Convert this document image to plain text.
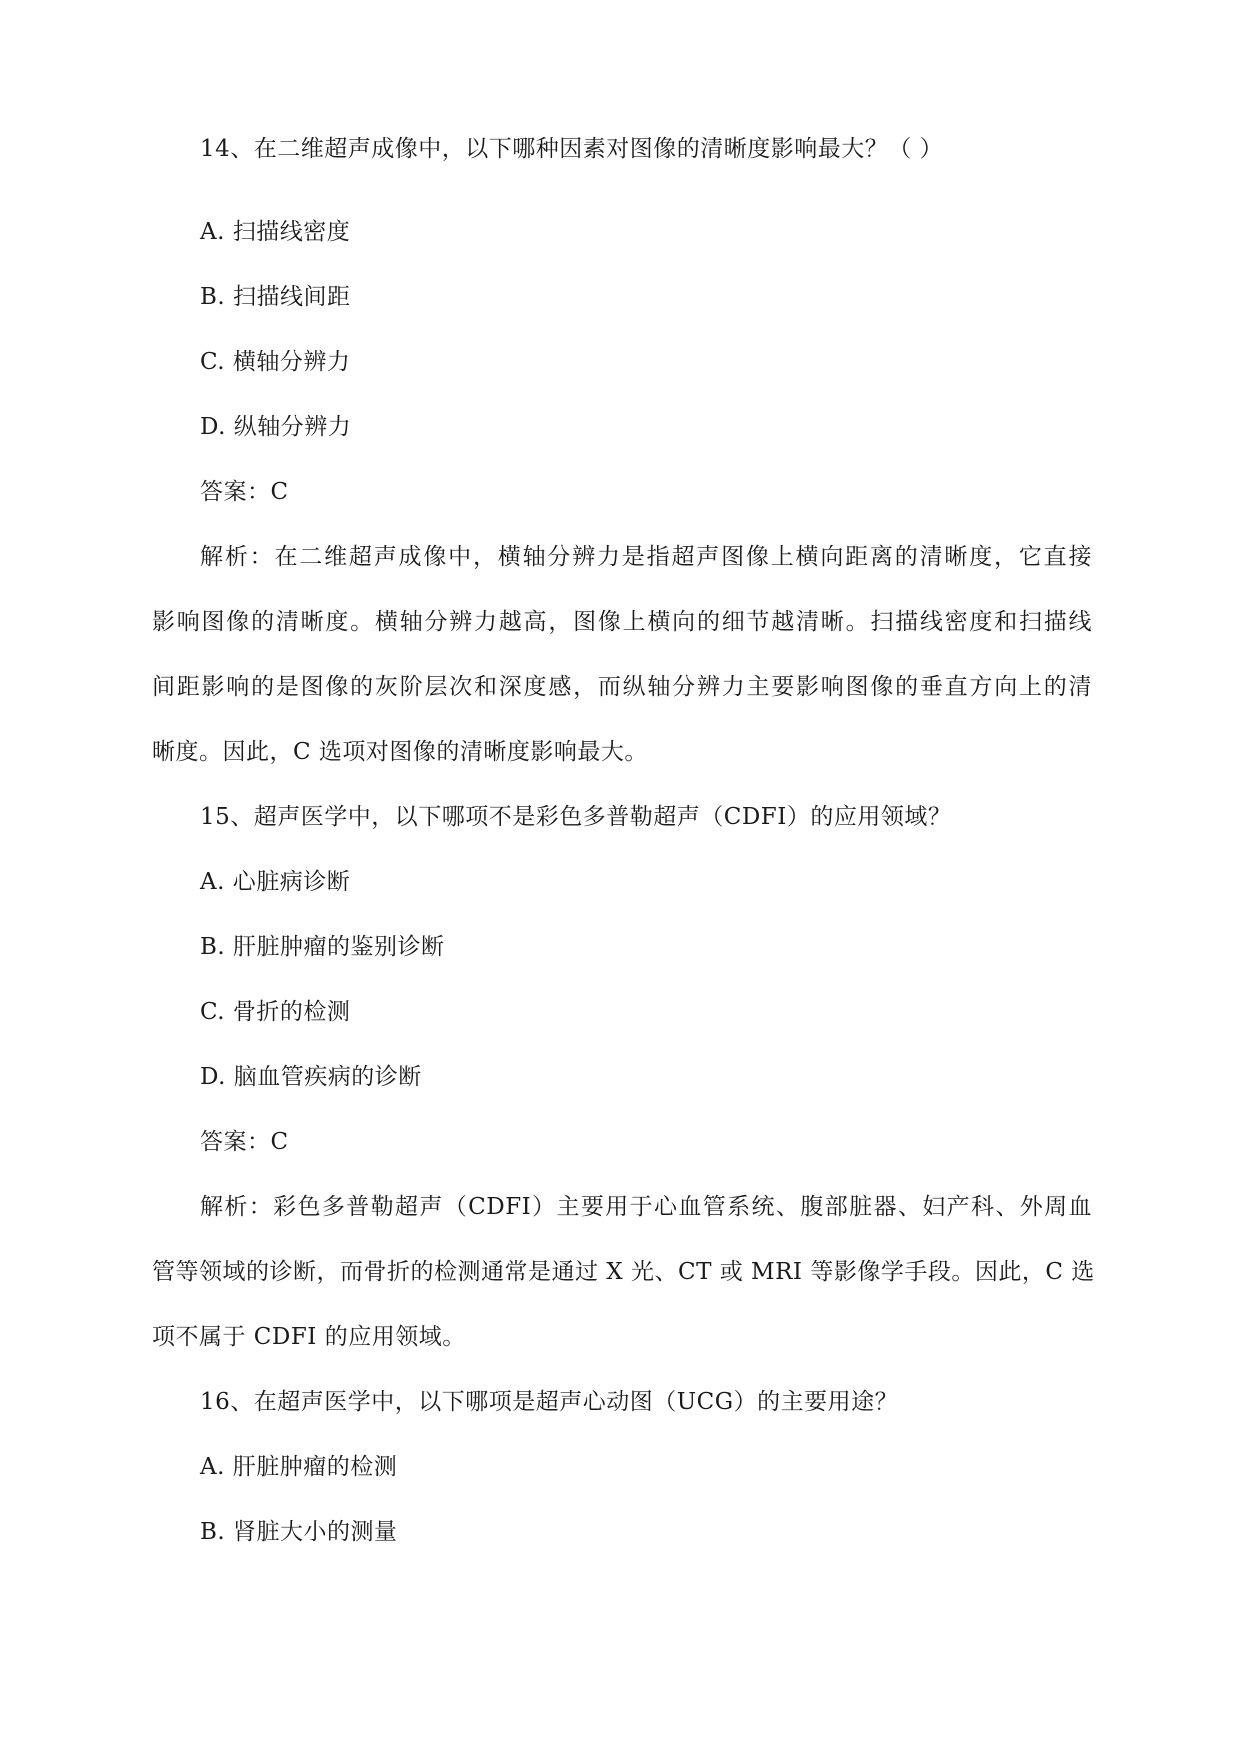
14、在二维超声成像中，以下哪种因素对图像的清晰度影响最大？（ ）
A. 扫描线密度
B. 扫描线间距
C. 横轴分辨力
D. 纵轴分辨力
答案：C
解析：在二维超声成像中，横轴分辨力是指超声图像上横向距离的清晰度，它直接
影响图像的清晰度。横轴分辨力越高，图像上横向的细节越清晰。扫描线密度和扫描线
间距影响的是图像的灰阶层次和深度感，而纵轴分辨力主要影响图像的垂直方向上的清
晰度。因此，C 选项对图像的清晰度影响最大。
15、超声医学中，以下哪项不是彩色多普勒超声（CDFI）的应用领域？
A. 心脏病诊断
B. 肝脏肿瘤的鉴别诊断
C. 骨折的检测
D. 脑血管疾病的诊断
答案：C
解析：彩色多普勒超声（CDFI）主要用于心血管系统、腹部脏器、妇产科、外周血
管等领域的诊断，而骨折的检测通常是通过 X 光、CT 或 MRI 等影像学手段。因此，C 选
项不属于 CDFI 的应用领域。
16、在超声医学中，以下哪项是超声心动图（UCG）的主要用途？
A. 肝脏肿瘤的检测
B. 肾脏大小的测量
